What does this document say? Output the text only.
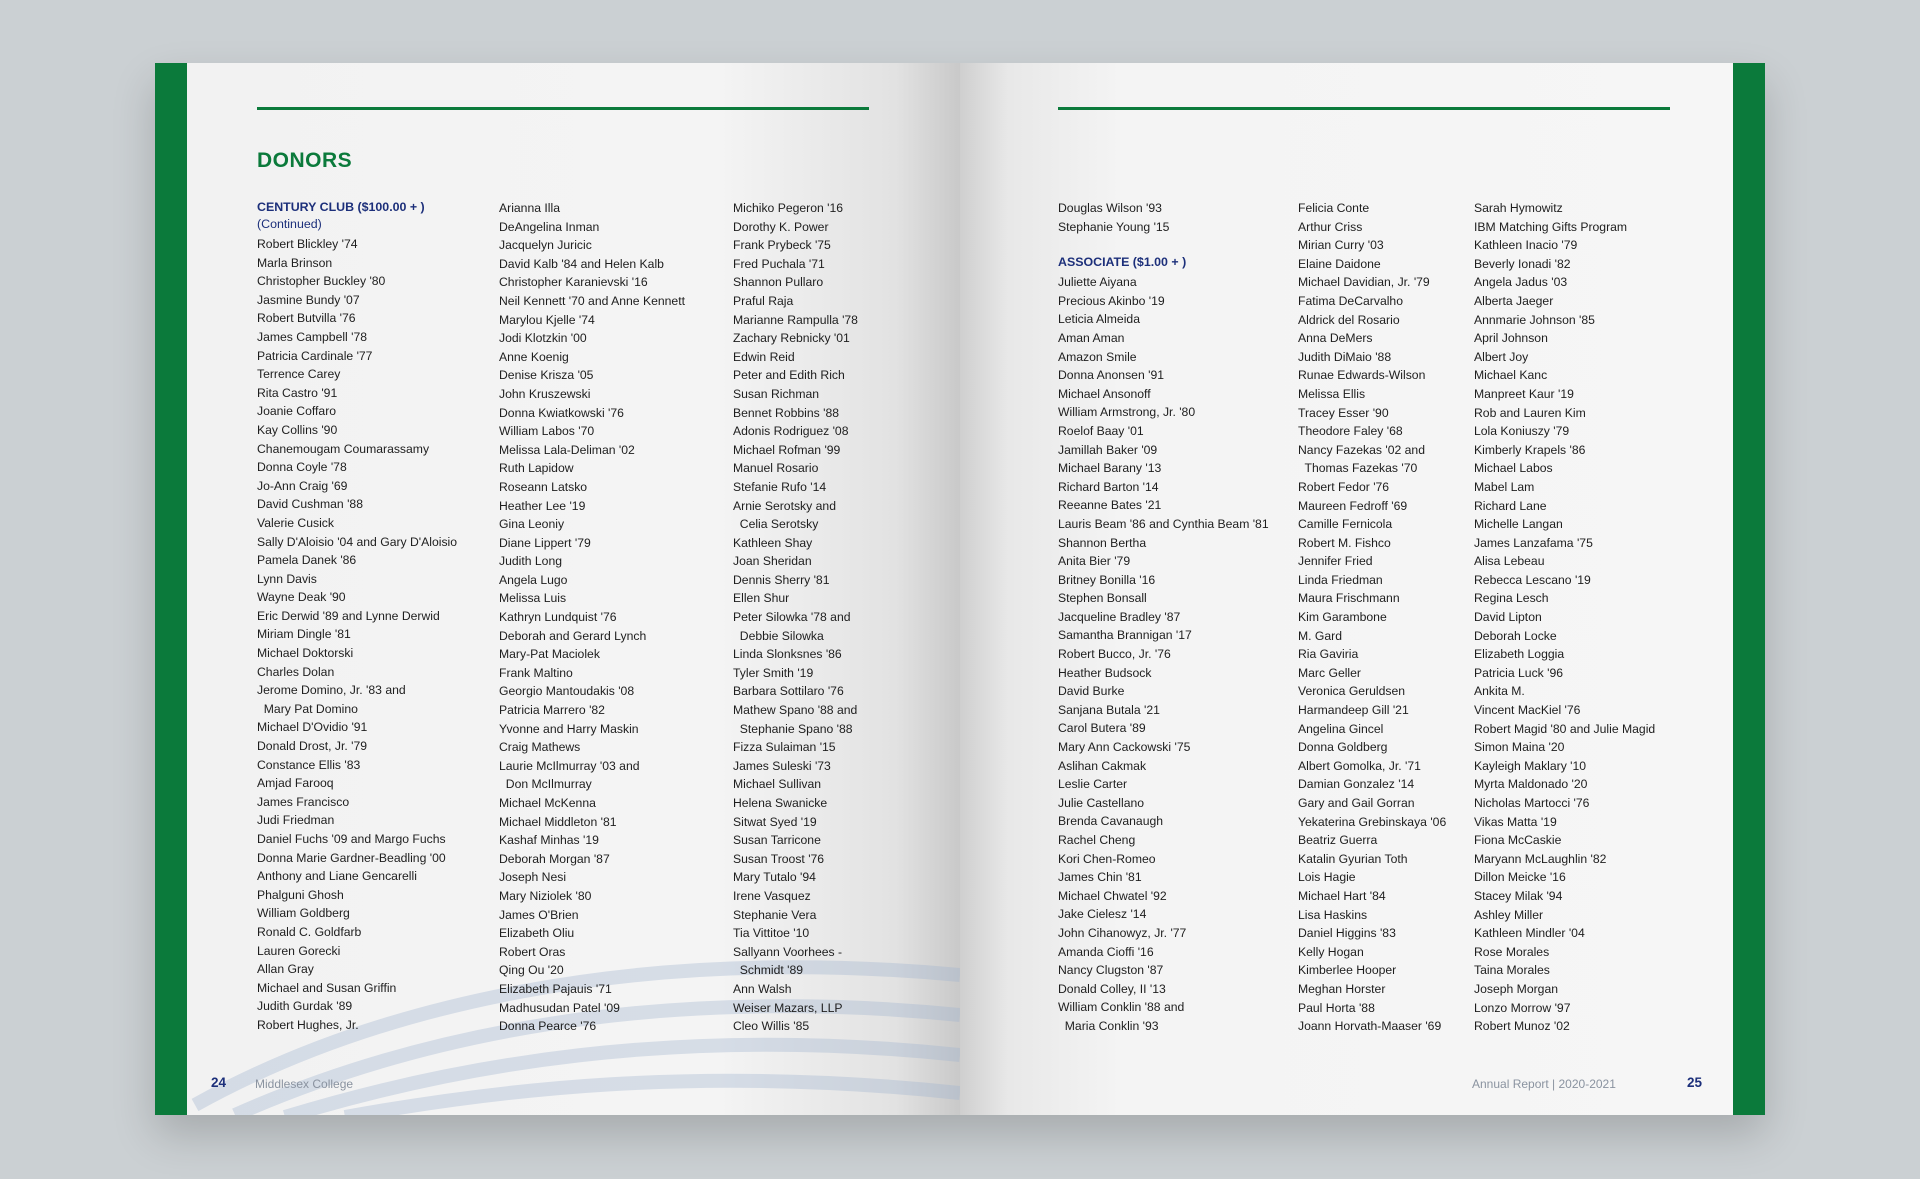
DONORS
CENTURY CLUB ($100.00 + )
(Continued)
Robert Blickley '74
Marla Brinson
Christopher Buckley '80
Jasmine Bundy '07
Robert Butvilla '76
James Campbell '78
Patricia Cardinale '77
Terrence Carey
Rita Castro '91
Joanie Coffaro
Kay Collins '90
Chanemougam Coumarassamy
Donna Coyle '78
Jo-Ann Craig '69
David Cushman '88
Valerie Cusick
Sally D'Aloisio '04 and Gary D'Aloisio
Pamela Danek '86
Lynn Davis
Wayne Deak '90
Eric Derwid '89 and Lynne Derwid
Miriam Dingle '81
Michael Doktorski
Charles Dolan
Jerome Domino, Jr. '83 and
Mary Pat Domino
Michael D'Ovidio '91
Donald Drost, Jr. '79
Constance Ellis '83
Amjad Farooq
James Francisco
Judi Friedman
Daniel Fuchs '09 and Margo Fuchs
Donna Marie Gardner-Beadling '00
Anthony and Liane Gencarelli
Phalguni Ghosh
William Goldberg
Ronald C. Goldfarb
Lauren Gorecki
Allan Gray
Michael and Susan Griffin
Judith Gurdak '89
Robert Hughes, Jr.
Arianna Illa
DeAngelina Inman
Jacquelyn Juricic
David Kalb '84 and Helen Kalb
Christopher Karanievski '16
Neil Kennett '70 and Anne Kennett
Marylou Kjelle '74
Jodi Klotzkin '00
Anne Koenig
Denise Krisza '05
John Kruszewski
Donna Kwiatkowski '76
William Labos '70
Melissa Lala-Deliman '02
Ruth Lapidow
Roseann Latsko
Heather Lee '19
Gina Leoniy
Diane Lippert '79
Judith Long
Angela Lugo
Melissa Luis
Kathryn Lundquist '76
Deborah and Gerard Lynch
Mary-Pat Maciolek
Frank Maltino
Georgio Mantoudakis '08
Patricia Marrero '82
Yvonne and Harry Maskin
Craig Mathews
Laurie McIlmurray '03 and
Don McIlmurray
Michael McKenna
Michael Middleton '81
Kashaf Minhas '19
Deborah Morgan '87
Joseph Nesi
Mary Niziolek '80
James O'Brien
Elizabeth Oliu
Robert Oras
Qing Ou '20
Elizabeth Pajauis '71
Madhusudan Patel '09
Donna Pearce '76
Michiko Pegeron '16
Dorothy K. Power
Frank Prybeck '75
Fred Puchala '71
Shannon Pullaro
Praful Raja
Marianne Rampulla '78
Zachary Rebnicky '01
Edwin Reid
Peter and Edith Rich
Susan Richman
Bennet Robbins '88
Adonis Rodriguez '08
Michael Rofman '99
Manuel Rosario
Stefanie Rufo '14
Arnie Serotsky and
Celia Serotsky
Kathleen Shay
Joan Sheridan
Dennis Sherry '81
Ellen Shur
Peter Silowka '78 and
Debbie Silowka
Linda Slonksnes '86
Tyler Smith '19
Barbara Sottilaro '76
Mathew Spano '88 and
Stephanie Spano '88
Fizza Sulaiman '15
James Suleski '73
Michael Sullivan
Helena Swanicke
Sitwat Syed '19
Susan Tarricone
Susan Troost '76
Mary Tutalo '94
Irene Vasquez
Stephanie Vera
Tia Vittitoe '10
Sallyann Voorhees -
Schmidt '89
Ann Walsh
Weiser Mazars, LLP
Cleo Willis '85
24 Middlesex College
Douglas Wilson '93
Stephanie Young '15
ASSOCIATE ($1.00 + )
Juliette Aiyana
Precious Akinbo '19
Leticia Almeida
Aman Aman
Amazon Smile
Donna Anonsen '91
Michael Ansonoff
William Armstrong, Jr. '80
Roelof Baay '01
Jamillah Baker '09
Michael Barany '13
Richard Barton '14
Reeanne Bates '21
Lauris Beam '86 and Cynthia Beam '81
Shannon Bertha
Anita Bier '79
Britney Bonilla '16
Stephen Bonsall
Jacqueline Bradley '87
Samantha Brannigan '17
Robert Bucco, Jr. '76
Heather Budsock
David Burke
Sanjana Butala '21
Carol Butera '89
Mary Ann Cackowski '75
Aslihan Cakmak
Leslie Carter
Julie Castellano
Brenda Cavanaugh
Rachel Cheng
Kori Chen-Romeo
James Chin '81
Michael Chwatel '92
Jake Cielesz '14
John Cihanowyz, Jr. '77
Amanda Cioffi '16
Nancy Clugston '87
Donald Colley, II '13
William Conklin '88 and
Maria Conklin '93
Felicia Conte
Arthur Criss
Mirian Curry '03
Elaine Daidone
Michael Davidian, Jr. '79
Fatima DeCarvalho
Aldrick del Rosario
Anna DeMers
Judith DiMaio '88
Runae Edwards-Wilson
Melissa Ellis
Tracey Esser '90
Theodore Faley '68
Nancy Fazekas '02 and
Thomas Fazekas '70
Robert Fedor '76
Maureen Fedroff '69
Camille Fernicola
Robert M. Fishco
Jennifer Fried
Linda Friedman
Maura Frischmann
Kim Garambone
M. Gard
Ria Gaviria
Marc Geller
Veronica Geruldsen
Harmandeep Gill '21
Angelina Gincel
Donna Goldberg
Albert Gomolka, Jr. '71
Damian Gonzalez '14
Gary and Gail Gorran
Yekaterina Grebinskaya '06
Beatriz Guerra
Katalin Gyurian Toth
Lois Hagie
Michael Hart '84
Lisa Haskins
Daniel Higgins '83
Kelly Hogan
Kimberlee Hooper
Meghan Horster
Paul Horta '88
Joann Horvath-Maaser '69
Sarah Hymowitz
IBM Matching Gifts Program
Kathleen Inacio '79
Beverly Ionadi '82
Angela Jadus '03
Alberta Jaeger
Annmarie Johnson '85
April Johnson
Albert Joy
Michael Kanc
Manpreet Kaur '19
Rob and Lauren Kim
Lola Koniuszy '79
Kimberly Krapels '86
Michael Labos
Mabel Lam
Richard Lane
Michelle Langan
James Lanzafama '75
Alisa Lebeau
Rebecca Lescano '19
Regina Lesch
David Lipton
Deborah Locke
Elizabeth Loggia
Patricia Luck '96
Ankita M.
Vincent MacKiel '76
Robert Magid '80 and Julie Magid
Simon Maina '20
Kayleigh Maklary '10
Myrta Maldonado '20
Nicholas Martocci '76
Vikas Matta '19
Fiona McCaskie
Maryann McLaughlin '82
Dillon Meicke '16
Stacey Milak '94
Ashley Miller
Kathleen Mindler '04
Rose Morales
Taina Morales
Joseph Morgan
Lonzo Morrow '97
Robert Munoz '02
Annual Report | 2020-2021	25
